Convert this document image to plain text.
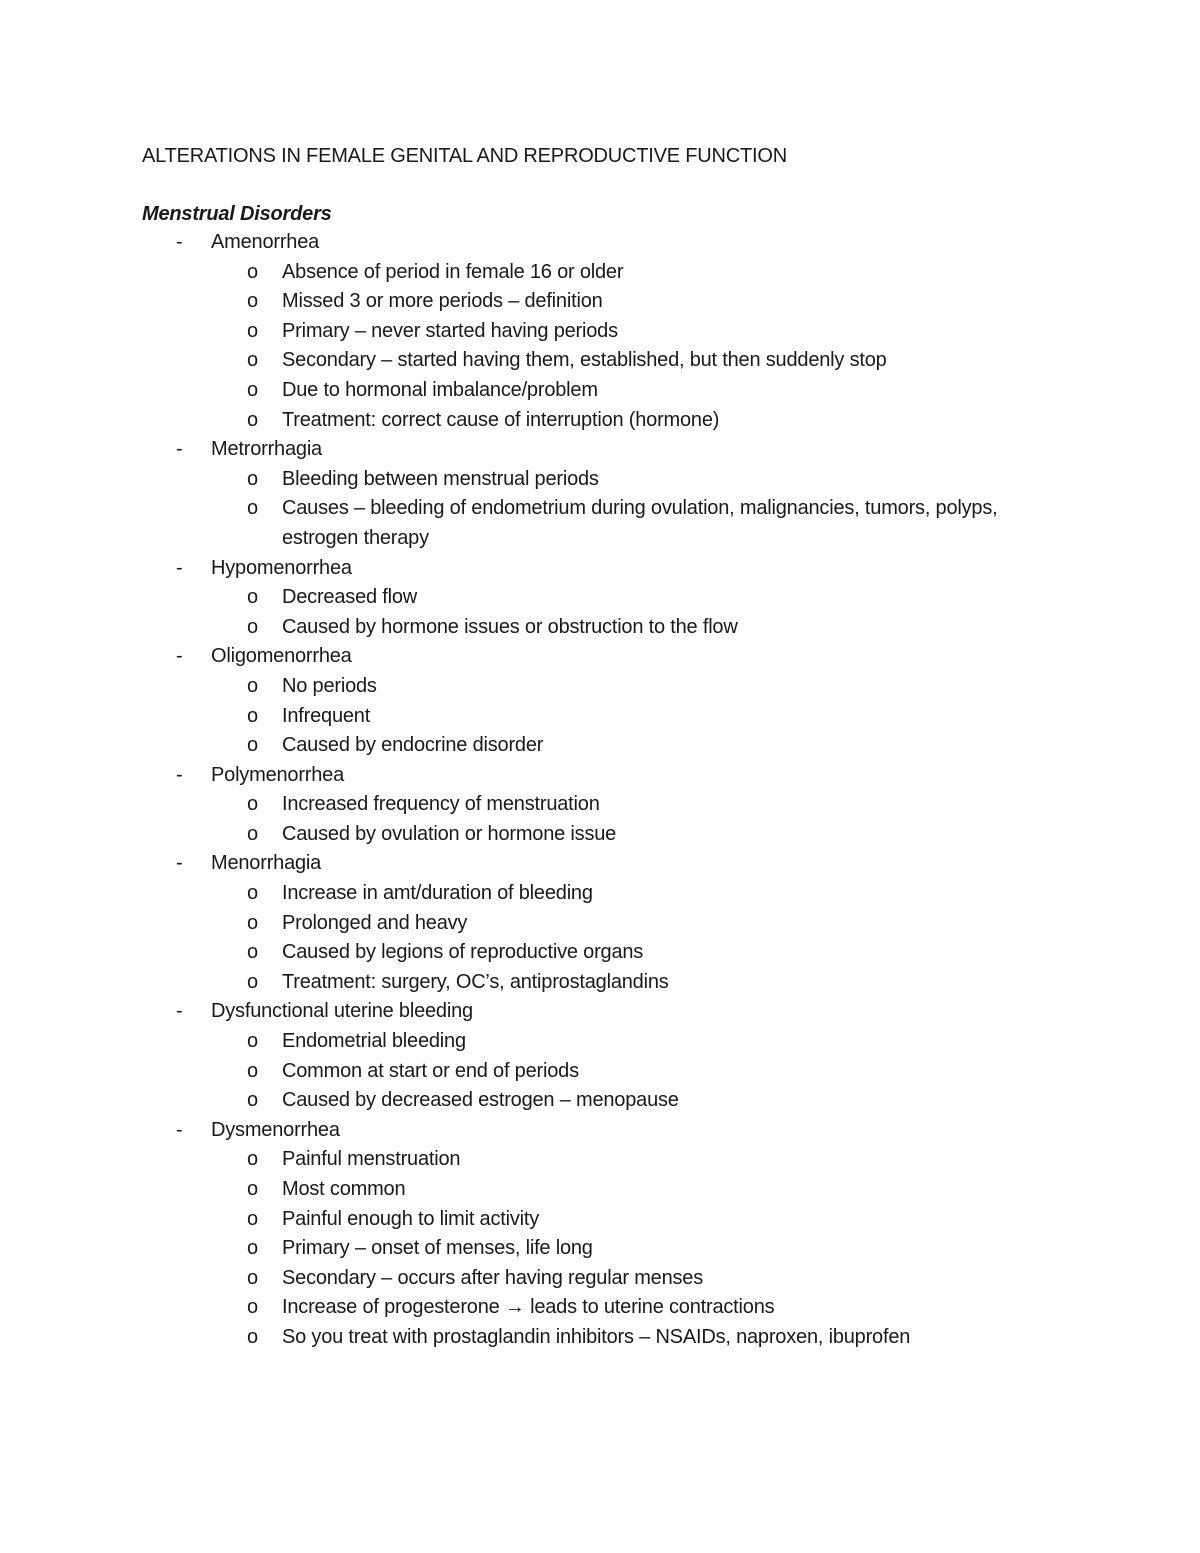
ALTERATIONS IN FEMALE GENITAL AND REPRODUCTIVE FUNCTION
Menstrual Disorders
- Amenorrhea
o Absence of period in female 16 or older
o Missed 3 or more periods – definition
o Primary – never started having periods
o Secondary – started having them, established, but then suddenly stop
o Due to hormonal imbalance/problem
o Treatment: correct cause of interruption (hormone)
- Metrorrhagia
o Bleeding between menstrual periods
o Causes – bleeding of endometrium during ovulation, malignancies, tumors, polyps, estrogen therapy
- Hypomenorrhea
o Decreased flow
o Caused by hormone issues or obstruction to the flow
- Oligomenorrhea
o No periods
o Infrequent
o Caused by endocrine disorder
- Polymenorrhea
o Increased frequency of menstruation
o Caused by ovulation or hormone issue
- Menorrhagia
o Increase in amt/duration of bleeding
o Prolonged and heavy
o Caused by legions of reproductive organs
o Treatment: surgery, OC’s, antiprostaglandins
- Dysfunctional uterine bleeding
o Endometrial bleeding
o Common at start or end of periods
o Caused by decreased estrogen – menopause
- Dysmenorrhea
o Painful menstruation
o Most common
o Painful enough to limit activity
o Primary – onset of menses, life long
o Secondary – occurs after having regular menses
o Increase of progesterone → leads to uterine contractions
o So you treat with prostaglandin inhibitors – NSAIDs, naproxen, ibuprofen
